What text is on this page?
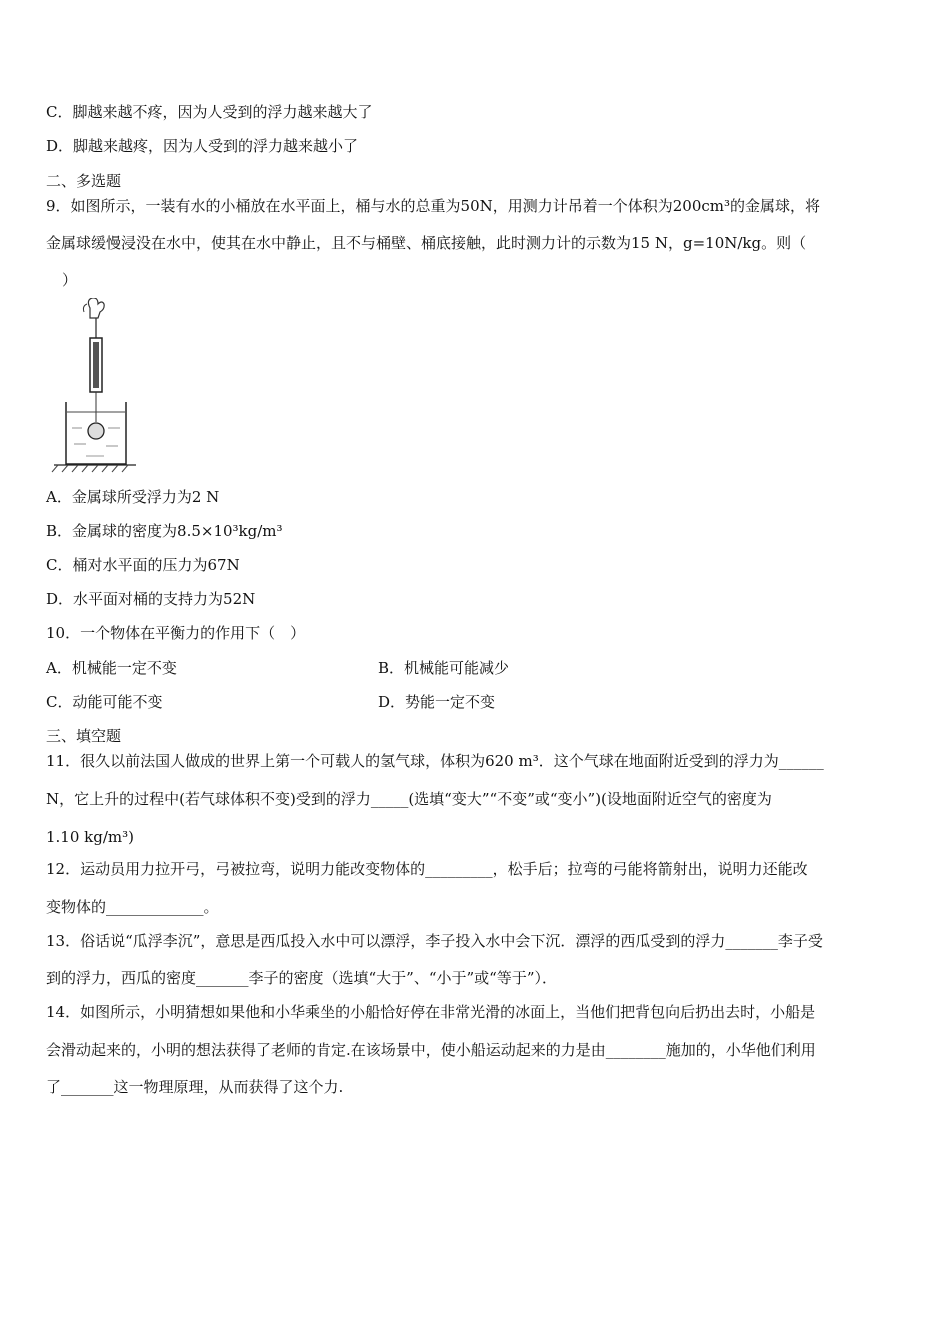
C．脚越来越不疼，因为人受到的浮力越来越大了
D．脚越来越疼，因为人受到的浮力越来越小了
二、多选题
9．如图所示，一装有水的小桶放在水平面上，桶与水的总重为50N，用测力计吊着一个体积为200cm³的金属球，将
金属球缓慢浸没在水中，使其在水中静止，且不与桶壁、桶底接触，此时测力计的示数为15 N，g=10N/kg。则（
）
A．金属球所受浮力为2 N
B．金属球的密度为8.5×10³kg/m³
C．桶对水平面的压力为67N
D．水平面对桶的支持力为52N
10．一个物体在平衡力的作用下（　）
A．机械能一定不变	B．机械能可能减少
C．动能可能不变	D．势能一定不变
三、填空题
11．很久以前法国人做成的世界上第一个可载人的氢气球，体积为620 m³．这个气球在地面附近受到的浮力为______
N，它上升的过程中(若气球体积不变)受到的浮力_____(选填“变大”“不变”或“变小”)(设地面附近空气的密度为
1.10 kg/m³)
12．运动员用力拉开弓，弓被拉弯，说明力能改变物体的_________，松手后；拉弯的弓能将箭射出，说明力还能改
变物体的_____________。
13．俗话说“瓜浮李沉”，意思是西瓜投入水中可以漂浮，李子投入水中会下沉．漂浮的西瓜受到的浮力_______李子受
到的浮力，西瓜的密度_______李子的密度（选填“大于”、“小于”或“等于”）．
14．如图所示，小明猜想如果他和小华乘坐的小船恰好停在非常光滑的冰面上，当他们把背包向后扔出去时，小船是
会滑动起来的，小明的想法获得了老师的肯定.在该场景中，使小船运动起来的力是由________施加的，小华他们利用
了_______这一物理原理，从而获得了这个力.
